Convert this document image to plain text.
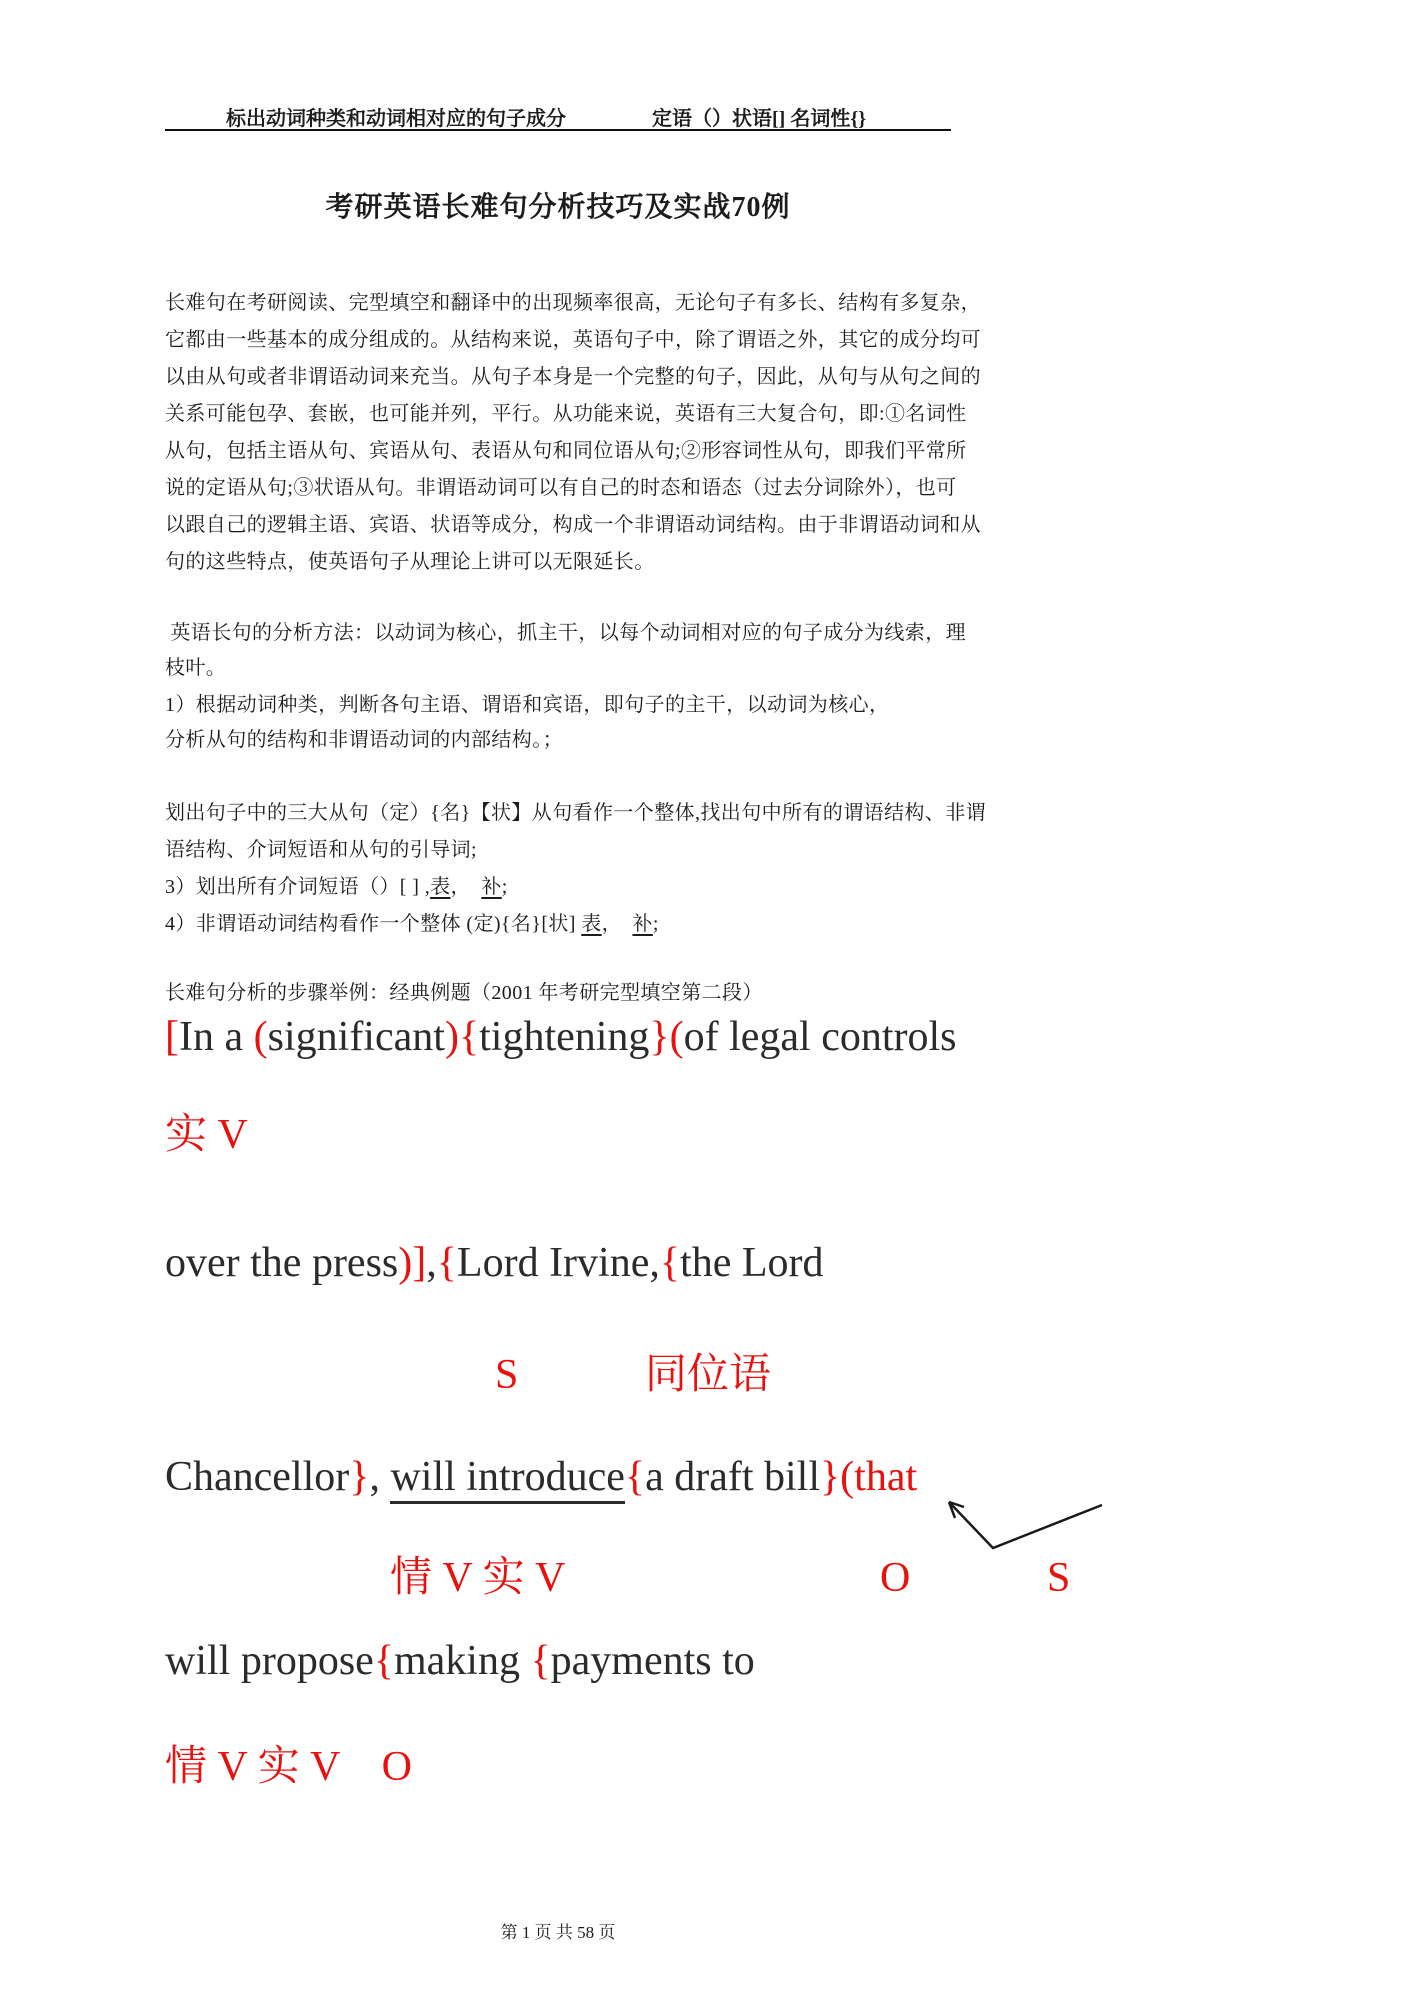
标出动词种类和动词相对应的句子成分	定语（）状语[] 名词性{}
考研英语长难句分析技巧及实战70例
长难句在考研阅读、完型填空和翻译中的出现频率很高，无论句子有多长、结构有多复杂，
它都由一些基本的成分组成的。从结构来说，英语句子中，除了谓语之外，其它的成分均可
以由从句或者非谓语动词来充当。从句子本身是一个完整的句子，因此，从句与从句之间的
关系可能包孕、套嵌，也可能并列，平行。从功能来说，英语有三大复合句，即:①名词性
从句，包括主语从句、宾语从句、表语从句和同位语从句;②形容词性从句，即我们平常所
说的定语从句;③状语从句。非谓语动词可以有自己的时态和语态（过去分词除外），也可
以跟自己的逻辑主语、宾语、状语等成分，构成一个非谓语动词结构。由于非谓语动词和从
句的这些特点，使英语句子从理论上讲可以无限延长。
英语长句的分析方法：以动词为核心，抓主干，以每个动词相对应的句子成分为线索，理
枝叶。
1）根据动词种类，判断各句主语、谓语和宾语，即句子的主干，以动词为核心，
分析从句的结构和非谓语动词的内部结构。；
划出句子中的三大从句（定）{名}【状】从句看作一个整体,找出句中所有的谓语结构、非谓
语结构、介词短语和从句的引导词;
3）划出所有介词短语（）[ ] ,表，　补;
4）非谓语动词结构看作一个整体 (定){名}[状] 表，　补;
长难句分析的步骤举例：经典例题（2001 年考研完型填空第二段）
[In a (significant){tightening}(of legal controls
实 V
over the press)],{Lord Irvine,{the Lord
S	同位语
Chancellor}, will introduce{a draft bill}(that
情 V 实 V	O	S
will propose{making {payments to
情 V 实 V　O
第 1 页 共 58 页
